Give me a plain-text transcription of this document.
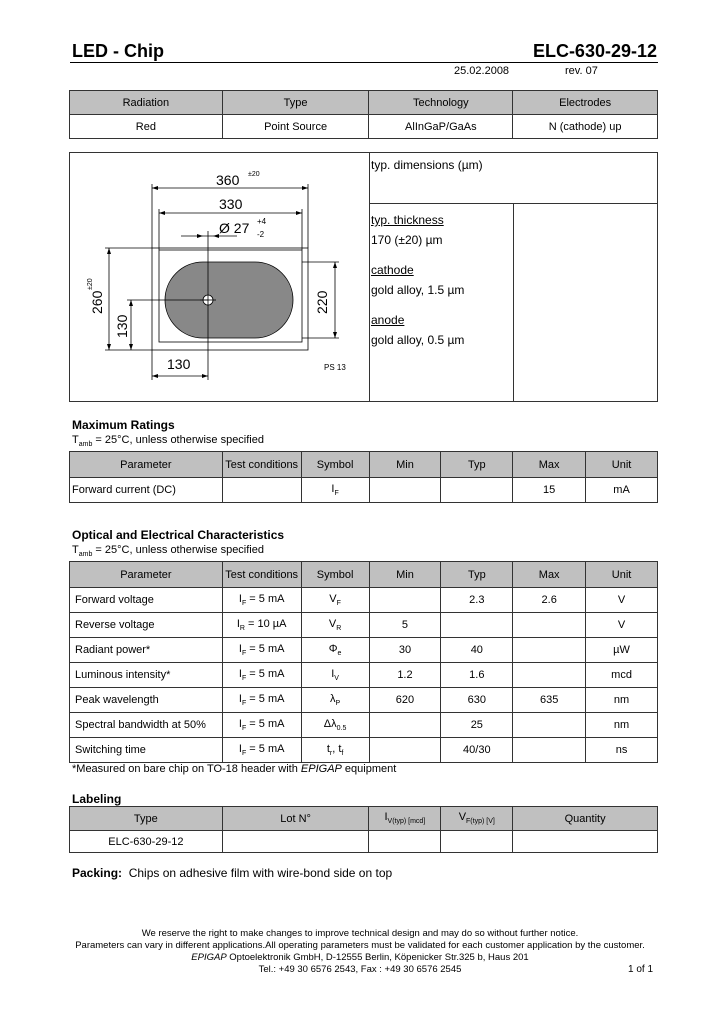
LED - Chip	ELC-630-29-12
25.02.2008	rev. 07
Radiation	Type	Technology	Electrodes
Red	Point Source	AlInGaP/GaAs	N (cathode) up
360 ±20
330
Ø 27 +4
-2
260
±20
130
220
130	PS 13
typ. dimensions (µm)
typ. thickness
170 (±20) µm
cathode
gold alloy, 1.5 µm
anode
gold alloy, 0.5 µm
Maximum Ratings
$T_{amb} = 25^\circ C$, unless otherwise specified
Parameter	Test conditions	Symbol	Min	Typ	Max	Unit
Forward current (DC)		$I_F$			15	mA
Optical and Electrical Characteristics
$T_{amb} = 25^\circ C$, unless otherwise specified
Parameter	Test conditions	Symbol	Min	Typ	Max	Unit
Forward voltage	$I_F = 5$ mA	$V_F$		2.3	2.6	V
Reverse voltage	$I_R = 10$ µA	$V_R$	5			V
Radiant power*	$I_F = 5$ mA	$\Phi_e$	30	40		µW
Luminous intensity*	$I_F = 5$ mA	$I_V$	1.2	1.6		mcd
Peak wavelength	$I_F = 5$ mA	$\lambda_P$	620	630	635	nm
Spectral bandwidth at 50%	$I_F = 5$ mA	$\Delta\lambda_{0.5}$		25		nm
Switching time	$I_F = 5$ mA	$t_r$, $t_f$		40/30		ns
*Measured on bare chip on TO-18 header with EPIGAP equipment
Labeling
Type	Lot N°	$I_{V(typ) [mcd]}$	$V_{F(typ) [V]}$	Quantity
ELC-630-29-12				
Packing: Chips on adhesive film with wire-bond side on top
We reserve the right to make changes to improve technical design and may do so without further notice.
Parameters can vary in different applications.All operating parameters must be validated for each customer application by the customer.
EPIGAP Optoelektronik GmbH, D-12555 Berlin, Köpenicker Str.325 b, Haus 201
Tel.: +49 30 6576 2543, Fax : +49 30 6576 2545	1 of 1
